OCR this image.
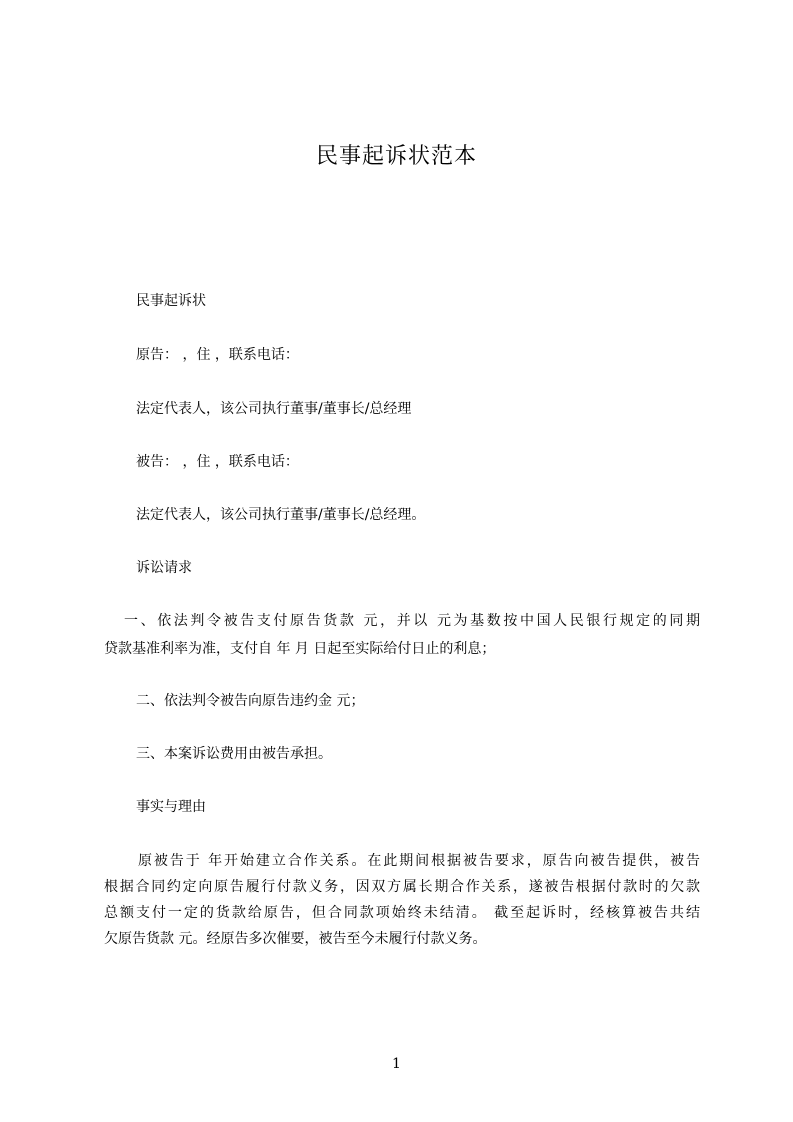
民事起诉状范本
民事起诉状
原告： ，住 ，联系电话：
法定代表人，该公司执行董事/董事长/总经理
被告： ，住 ，联系电话：
法定代表人，该公司执行董事/董事长/总经理。
诉讼请求
一、依法判令被告支付原告货款 元，并以 元为基数按中国人民银行规定的同期
贷款基准利率为准，支付自 年 月 日起至实际给付日止的利息；
二、依法判令被告向原告违约金 元；
三、本案诉讼费用由被告承担。
事实与理由
原被告于 年开始建立合作关系。在此期间根据被告要求，原告向被告提供，被告
根据合同约定向原告履行付款义务，因双方属长期合作关系，遂被告根据付款时的欠款
总额支付一定的货款给原告，但合同款项始终未结清。 截至起诉时，经核算被告共结
欠原告货款 元。经原告多次催要，被告至今未履行付款义务。
1
